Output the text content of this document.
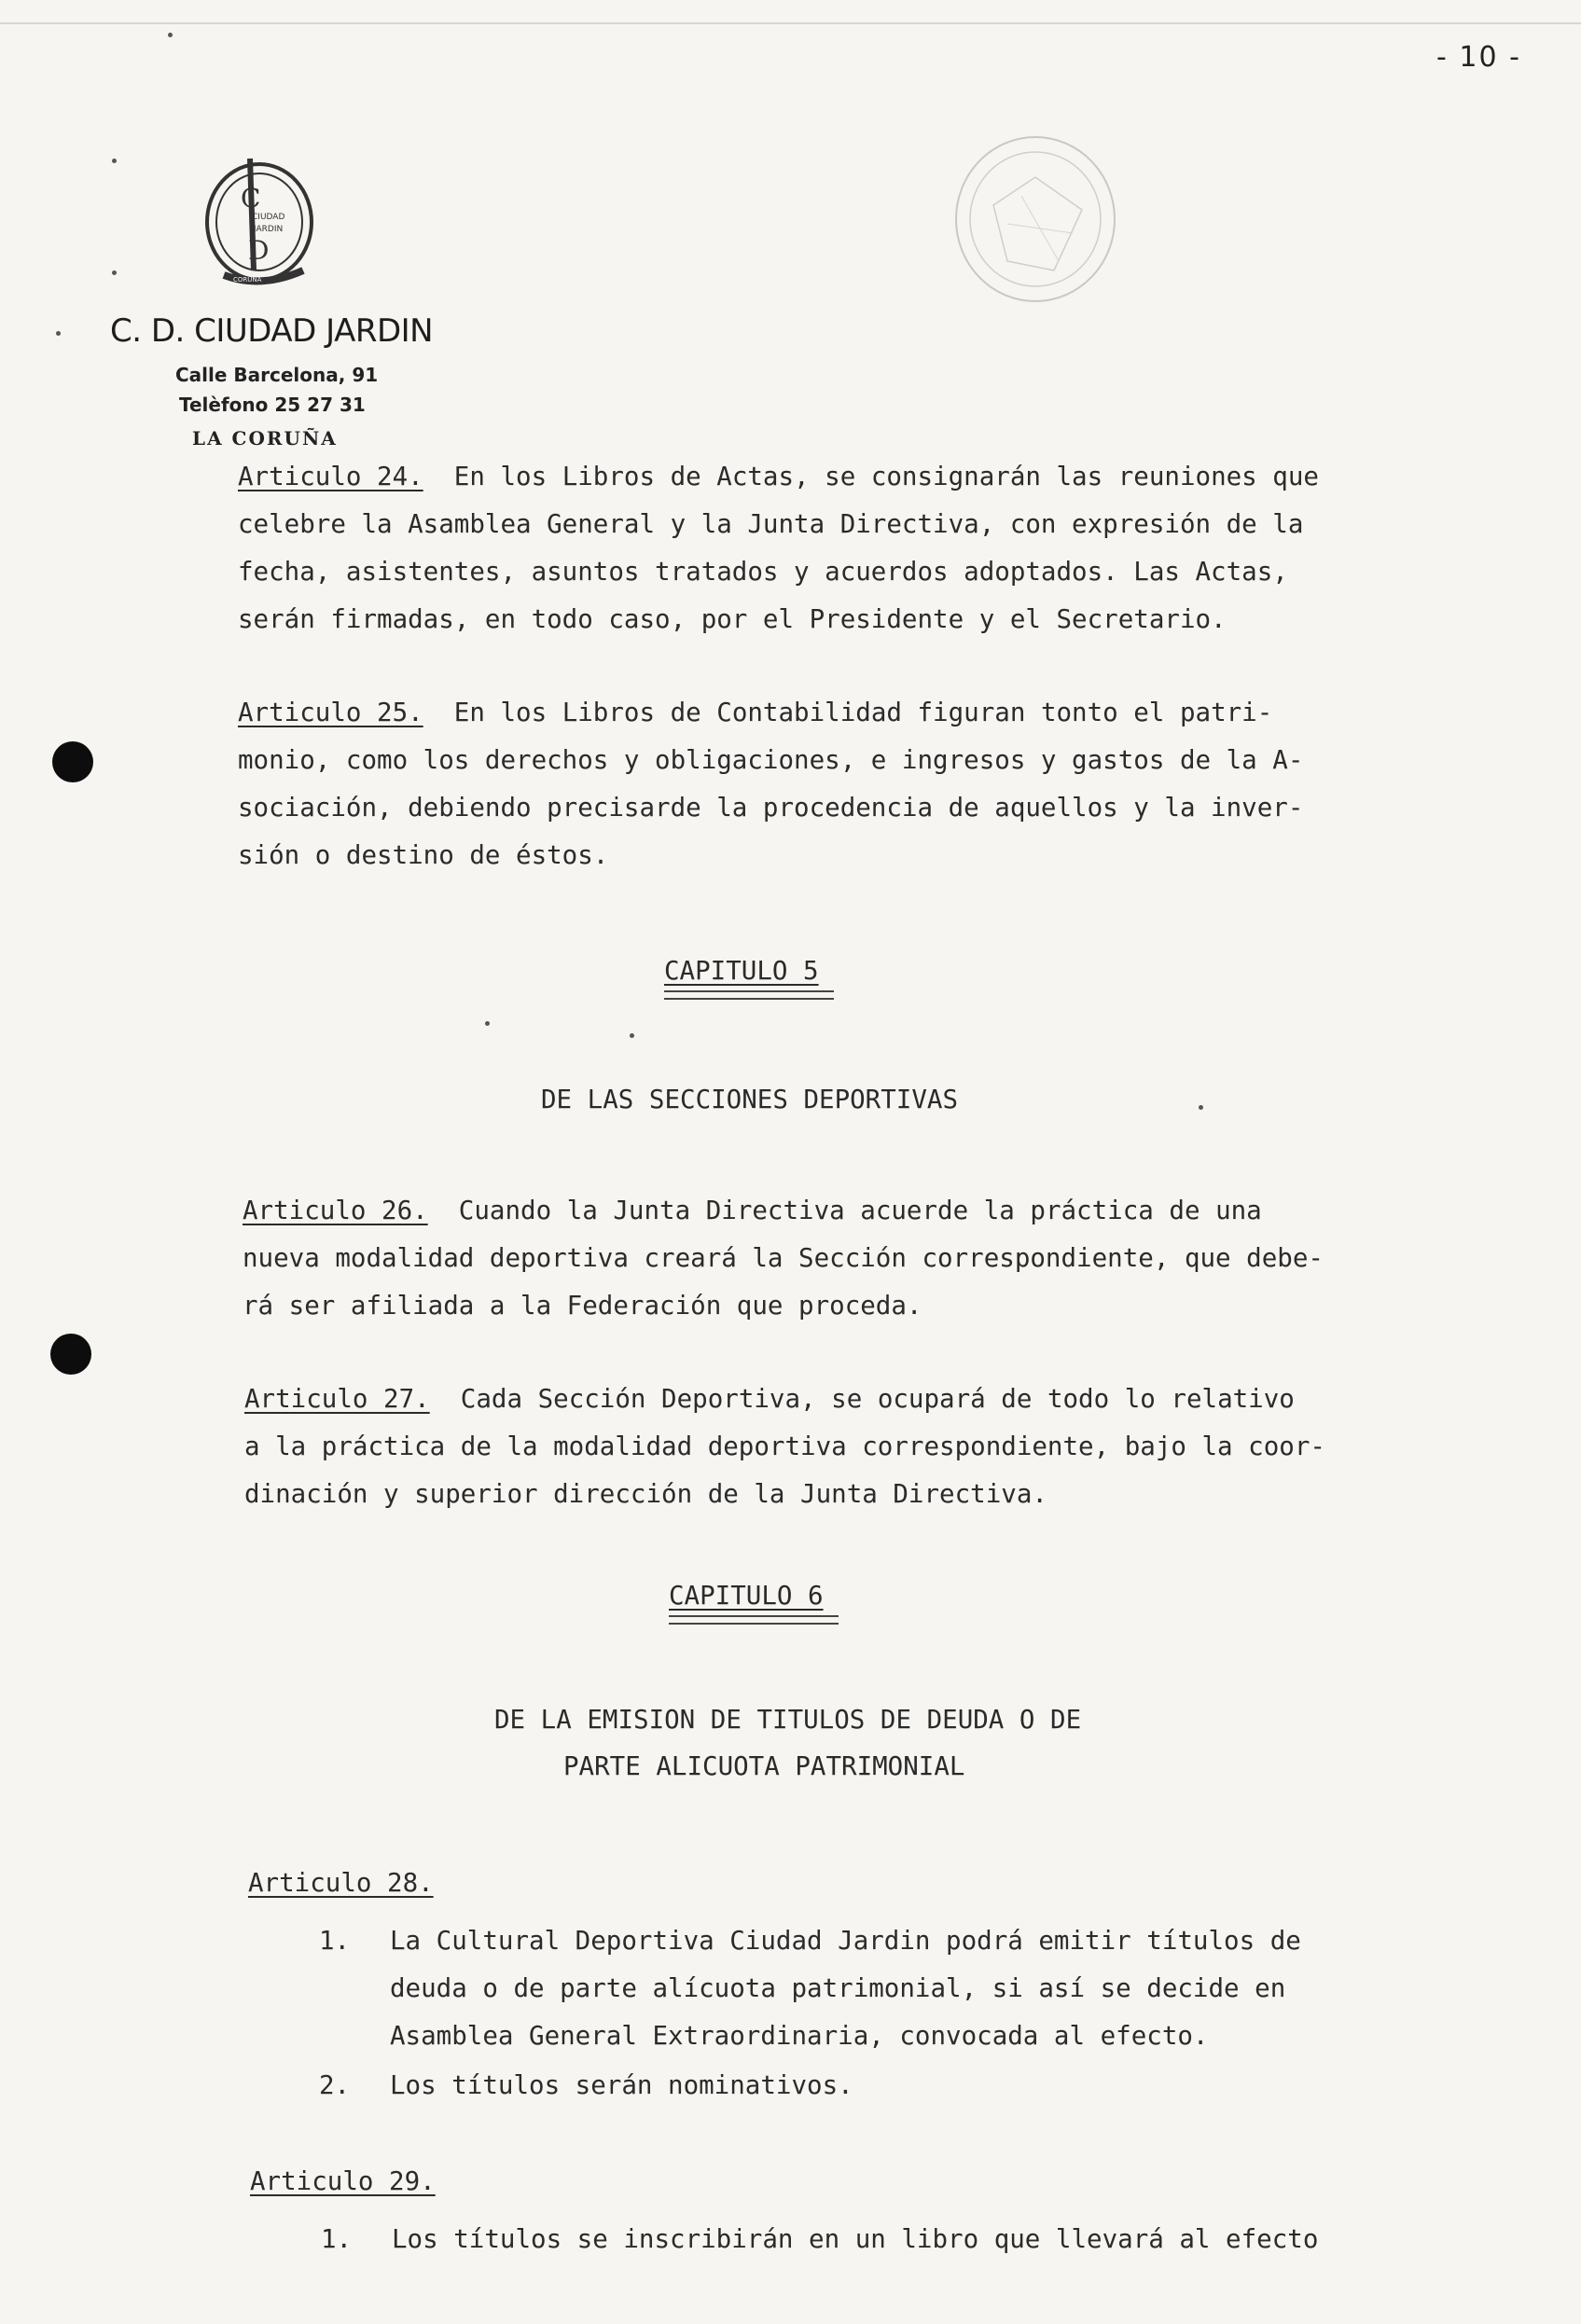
- 10 -
C
CIUDAD
JARDIN
D
CORUÑA
C. D. CIUDAD JARDIN
Calle Barcelona, 91
Telèfono 25 27 31
LA CORUÑA
Articulo 24.  En los Libros de Actas, se consignarán las reuniones que
celebre la Asamblea General y la Junta Directiva, con expresión de la
fecha, asistentes, asuntos tratados y acuerdos adoptados. Las Actas,
serán firmadas, en todo caso, por el Presidente y el Secretario.
Articulo 25.  En los Libros de Contabilidad figuran tonto el patri-
monio, como los derechos y obligaciones, e ingresos y gastos de la A-
sociación, debiendo precisarde la procedencia de aquellos y la inver-
sión o destino de éstos.
CAPITULO 5
DE LAS SECCIONES DEPORTIVAS
Articulo 26.  Cuando la Junta Directiva acuerde la práctica de una
nueva modalidad deportiva creará la Sección correspondiente, que debe-
rá ser afiliada a la Federación que proceda.
Articulo 27.  Cada Sección Deportiva, se ocupará de todo lo relativo
a la práctica de la modalidad deportiva correspondiente, bajo la coor-
dinación y superior dirección de la Junta Directiva.
CAPITULO 6
DE LA EMISION DE TITULOS DE DEUDA O DE
PARTE ALICUOTA PATRIMONIAL
Articulo 28.
1. La Cultural Deportiva Ciudad Jardin podrá emitir títulos de
deuda o de parte alícuota patrimonial, si así se decide en
Asamblea General Extraordinaria, convocada al efecto.
2. Los títulos serán nominativos.
Articulo 29.
1. Los títulos se inscribirán en un libro que llevará al efecto
